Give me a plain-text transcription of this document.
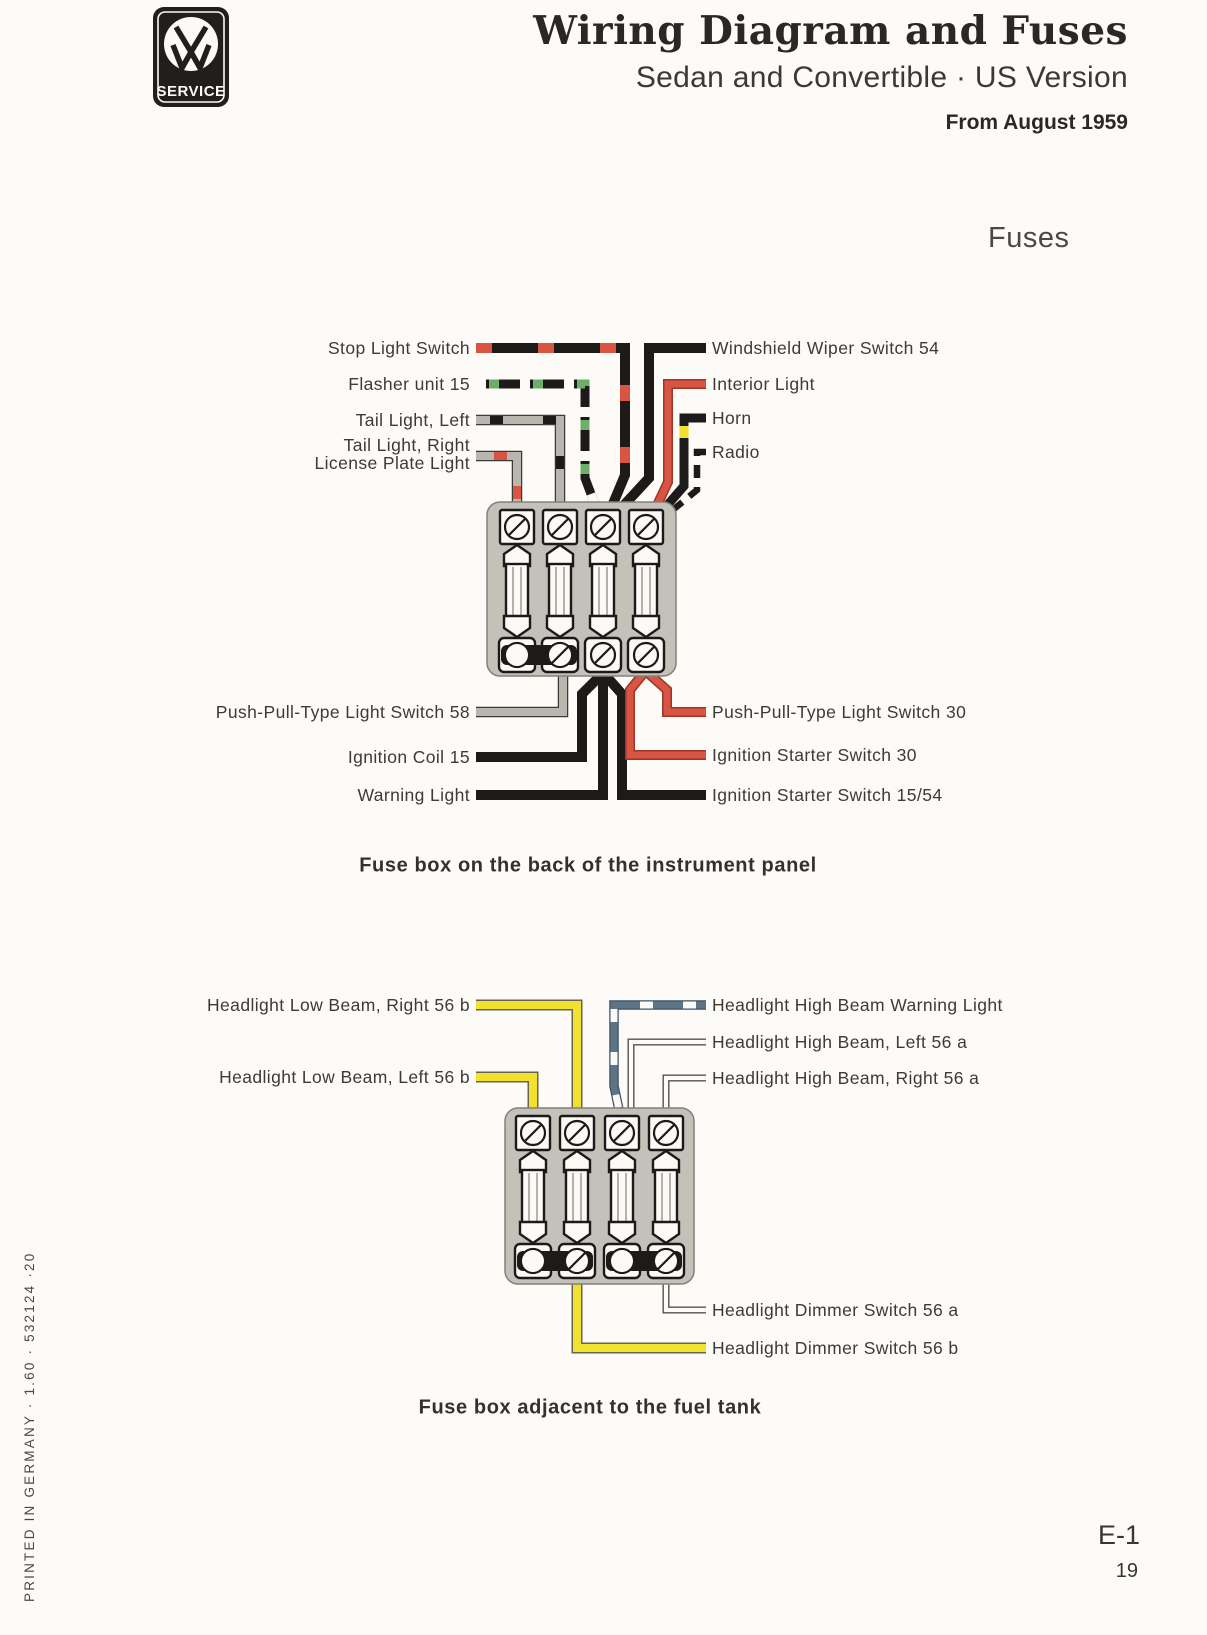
SERVICE
Wiring Diagram and Fuses
Sedan and Convertible · US Version
From August 1959
Fuses
Stop Light Switch
Flasher unit 15
Tail Light, Left
Tail Light, Right
License Plate Light
Windshield Wiper Switch 54
Interior Light
Horn
Radio
Push-Pull-Type Light Switch 58
Ignition Coil 15
Warning Light
Push-Pull-Type Light Switch 30
Ignition Starter Switch 30
Ignition Starter Switch 15/54
Fuse box on the back of the instrument panel
Headlight Low Beam, Right 56 b
Headlight Low Beam, Left 56 b
Headlight High Beam Warning Light
Headlight High Beam, Left 56 a
Headlight High Beam, Right 56 a
Headlight Dimmer Switch 56 a
Headlight Dimmer Switch 56 b
Fuse box adjacent to the fuel tank
PRINTED IN GERMANY · 1.60 · 532124 ·20	E-1
19
